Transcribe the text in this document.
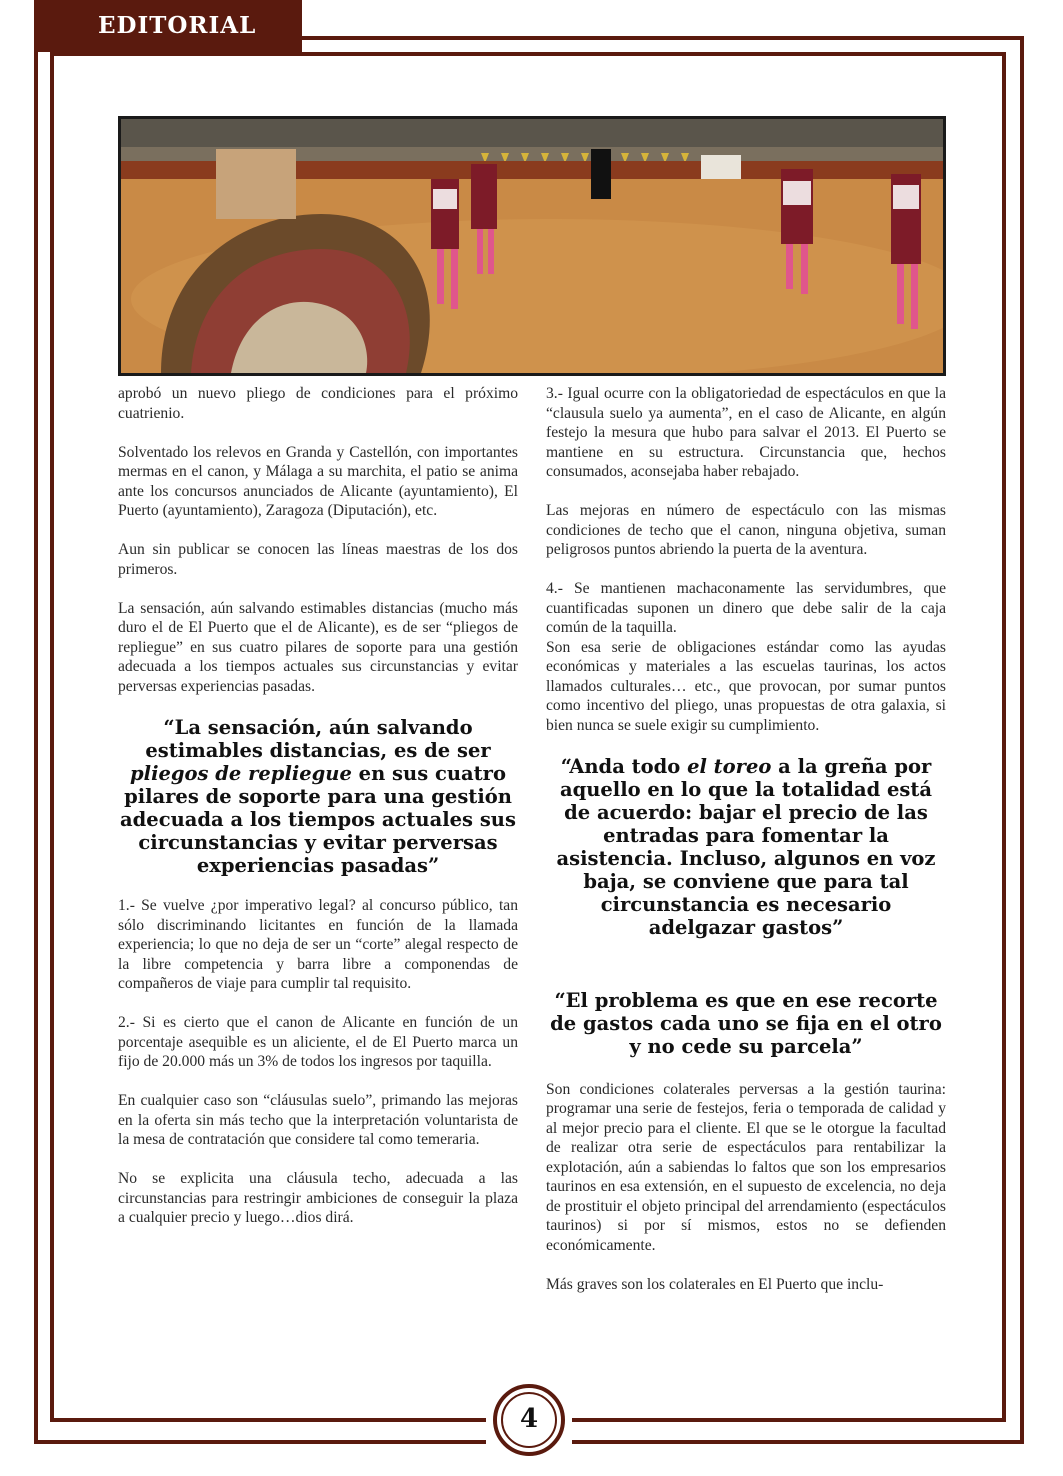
EDITORIAL

aprobó un nuevo pliego de condiciones para el próximo cuatrienio.

Solventado los relevos en Granda y Castellón, con importantes mermas en el canon, y Málaga a su marchita, el patio se anima ante los concursos anunciados de Alicante (ayuntamiento), El Puerto (ayuntamiento), Zaragoza (Diputación), etc.

Aun sin publicar se conocen las líneas maestras de los dos primeros.

La sensación, aún salvando estimables distancias (mucho más duro el de El Puerto que el de Alicante), es de ser “pliegos de repliegue” en sus cuatro pilares de soporte para una gestión adecuada a los tiempos actuales sus circunstancias y evitar perversas experiencias pasadas.

“La sensación, aún salvando estimables distancias, es de ser pliegos de repliegue en sus cuatro pilares de soporte para una gestión adecuada a los tiempos actuales sus circunstancias y evitar perversas experiencias pasadas”

1.- Se vuelve ¿por imperativo legal? al concurso público, tan sólo discriminando licitantes en función de la llamada experiencia; lo que no deja de ser un “corte” alegal respecto de la libre competencia y barra libre a componendas de compañeros de viaje para cumplir tal requisito.

2.- Si es cierto que el canon de Alicante en función de un porcentaje asequible es un aliciente, el de El Puerto marca un fijo de 20.000 más un 3% de todos los ingresos por taquilla.

En cualquier caso son “cláusulas suelo”, primando las mejoras en la oferta sin más techo que la interpretación voluntarista de la mesa de contratación que considere tal como temeraria.

No se explicita una cláusula techo, adecuada a las circunstancias para restringir ambiciones de conseguir la plaza a cualquier precio y luego…dios dirá.

3.- Igual ocurre con la obligatoriedad de espectáculos en que la “clausula suelo ya aumenta”, en el caso de Alicante, en algún festejo la mesura que hubo para salvar el 2013. El Puerto se mantiene en su estructura. Circunstancia que, hechos consumados, aconsejaba haber rebajado.

Las mejoras en número de espectáculo con las mismas condiciones de techo que el canon, ninguna objetiva, suman peligrosos puntos abriendo la puerta de la aventura.

4.- Se mantienen machaconamente las servidumbres, que cuantificadas suponen un dinero que debe salir de la caja común de la taquilla.

Son esa serie de obligaciones estándar como las ayudas económicas y materiales a las escuelas taurinas, los actos llamados culturales… etc., que provocan, por sumar puntos como incentivo del pliego, unas propuestas de otra galaxia, si bien nunca se suele exigir su cumplimiento.

“Anda todo el toreo a la greña por aquello en lo que la totalidad está de acuerdo: bajar el precio de las entradas para fomentar la asistencia. Incluso, algunos en voz baja, se conviene que para tal circunstancia es necesario adelgazar gastos”

“El problema es que en ese recorte de gastos cada uno se fija en el otro y no cede su parcela”

Son condiciones colaterales perversas a la gestión taurina: programar una serie de festejos, feria o temporada de calidad y al mejor precio para el cliente. El que se le otorgue la facultad de realizar otra serie de espectáculos para rentabilizar la explotación, aún a sabiendas lo faltos que son los empresarios taurinos en esa extensión, en el supuesto de excelencia, no deja de prostituir el objeto principal del arrendamiento (espectáculos taurinos) si por sí mismos, estos no se defienden económicamente.

Más graves son los colaterales en El Puerto que inclu-

4
